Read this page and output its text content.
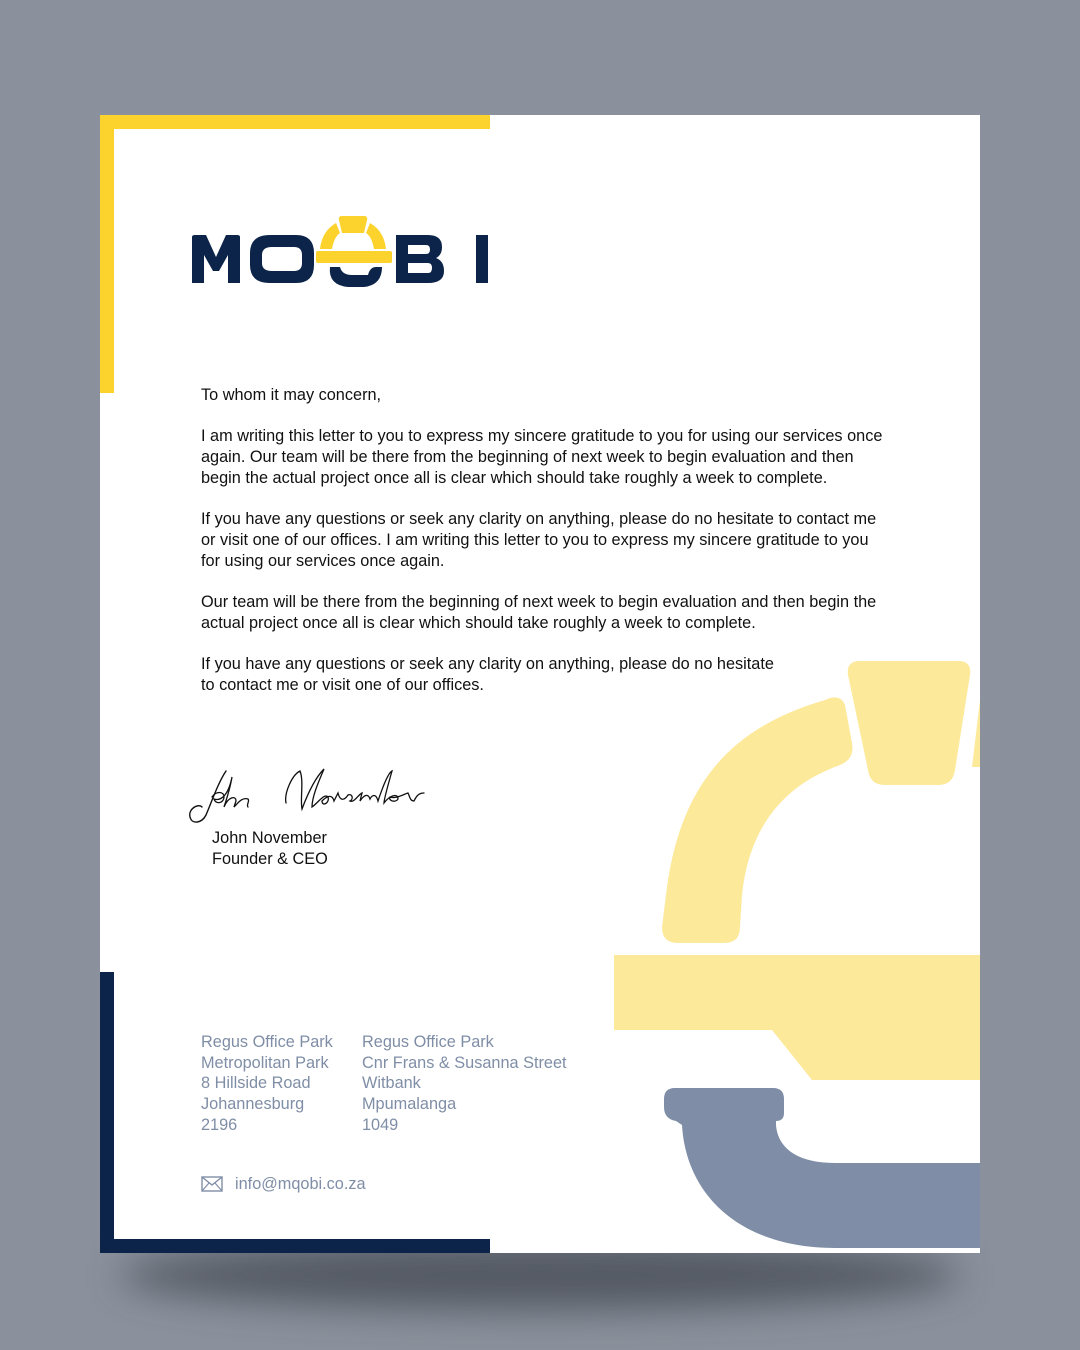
To whom it may concern,

I am writing this letter to you to express my sincere gratitude to you for using our services once again. Our team will be there from the beginning of next week to begin evaluation and then begin the actual project once all is clear which should take roughly a week to complete.

If you have any questions or seek any clarity on anything, please do no hesitate to contact me or visit one of our offices. I am writing this letter to you to express my sincere gratitude to you for using our services once again.

Our team will be there from the beginning of next week to begin evaluation and then begin the actual project once all is clear which should take roughly a week to complete.

If you have any questions or seek any clarity on anything, please do no hesitate to contact me or visit one of our offices.

John November
Founder & CEO
Regus Office Park
Metropolitan Park
8 Hillside Road
Johannesburg
2196
Regus Office Park
Cnr Frans & Susanna Street
Witbank
Mpumalanga
1049
info@mqobi.co.za
